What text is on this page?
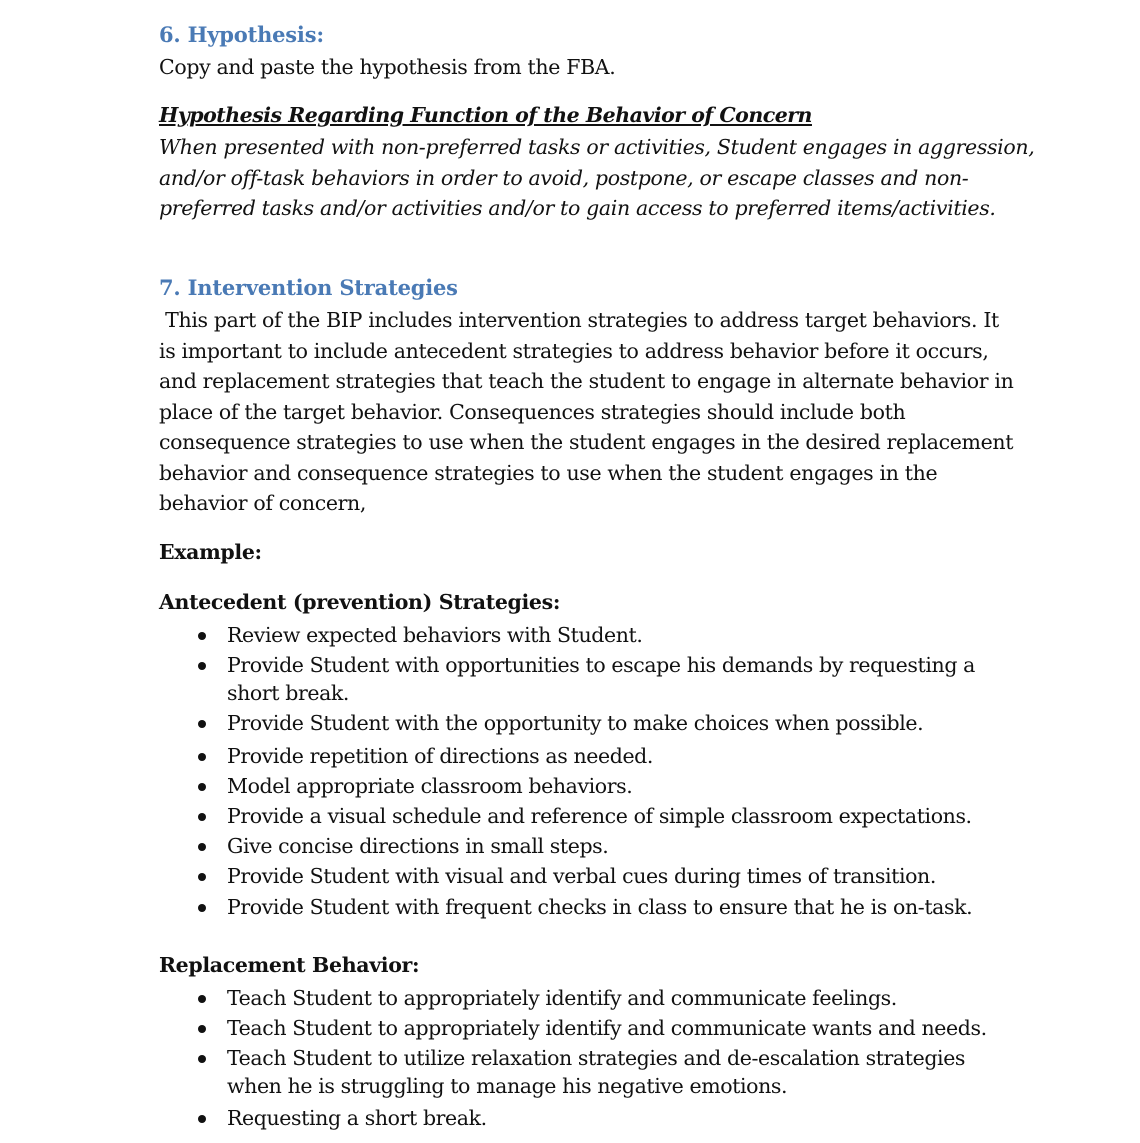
6. Hypothesis:

Copy and paste the hypothesis from the FBA.

Hypothesis Regarding Function of the Behavior of Concern

When presented with non-preferred tasks or activities, Student engages in aggression,

and/or off-task behaviors in order to avoid, postpone, or escape classes and non-

preferred tasks and/or activities and/or to gain access to preferred items/activities.

7. Intervention Strategies

This part of the BIP includes intervention strategies to address target behaviors. It

is important to include antecedent strategies to address behavior before it occurs,

and replacement strategies that teach the student to engage in alternate behavior in

place of the target behavior. Consequences strategies should include both

consequence strategies to use when the student engages in the desired replacement

behavior and consequence strategies to use when the student engages in the

behavior of concern,

Example:

Antecedent (prevention) Strategies:

Review expected behaviors with Student.

Provide Student with opportunities to escape his demands by requesting a

short break.

Provide Student with the opportunity to make choices when possible.

Provide repetition of directions as needed.

Model appropriate classroom behaviors.

Provide a visual schedule and reference of simple classroom expectations.

Give concise directions in small steps.

Provide Student with visual and verbal cues during times of transition.

Provide Student with frequent checks in class to ensure that he is on-task.

Replacement Behavior:

Teach Student to appropriately identify and communicate feelings.

Teach Student to appropriately identify and communicate wants and needs.

Teach Student to utilize relaxation strategies and de-escalation strategies

when he is struggling to manage his negative emotions.

Requesting a short break.
